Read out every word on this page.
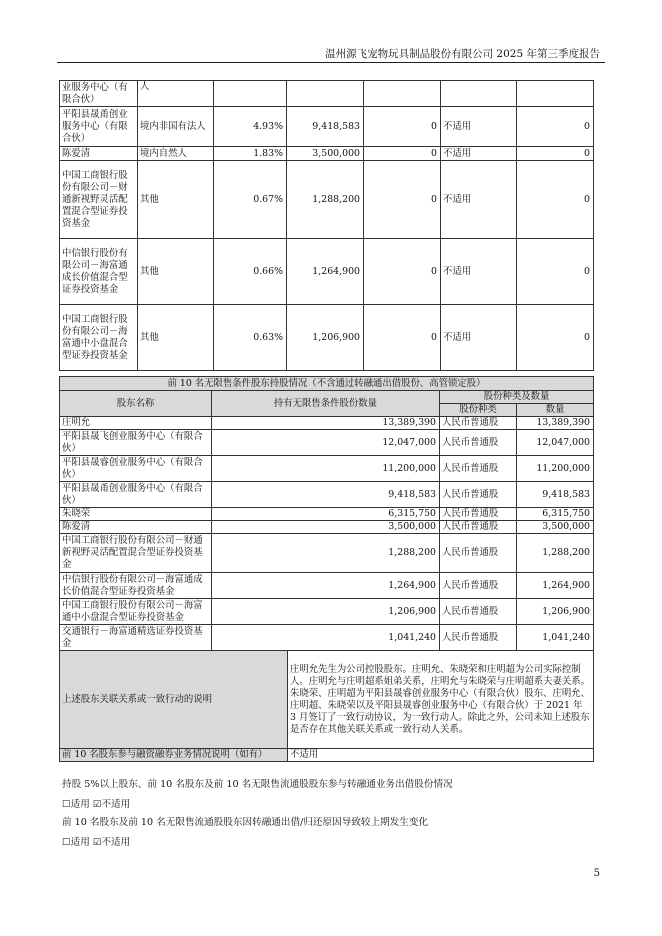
温州源飞宠物玩具制品股份有限公司 2025 年第三季度报告
业服务中心（有限合伙）	人					
平阳县晟甬创业服务中心（有限合伙）	境内非国有法人	4.93%	9,418,583	0	不适用	0
陈爱清	境内自然人	1.83%	3,500,000	0	不适用	0
中国工商银行股份有限公司－财通新视野灵活配置混合型证券投资基金	其他	0.67%	1,288,200	0	不适用	0
中信银行股份有限公司－海富通成长价值混合型证券投资基金	其他	0.66%	1,264,900	0	不适用	0
中国工商银行股份有限公司－海富通中小盘混合型证券投资基金	其他	0.63%	1,206,900	0	不适用	0
前 10 名无限售条件股东持股情况（不含通过转融通出借股份、高管锁定股）				
股东名称	持有无限售条件股份数量		股份种类及数量	
			股份种类	数量
庄明允	13,389,390		人民币普通股	13,389,390
平阳县晟飞创业服务中心（有限合伙）	12,047,000		人民币普通股	12,047,000
平阳县晟睿创业服务中心（有限合伙）	11,200,000		人民币普通股	11,200,000
平阳县晟甬创业服务中心（有限合伙）	9,418,583		人民币普通股	9,418,583
朱晓荣	6,315,750		人民币普通股	6,315,750
陈爱清	3,500,000		人民币普通股	3,500,000
中国工商银行股份有限公司－财通新视野灵活配置混合型证券投资基金	1,288,200		人民币普通股	1,288,200
中信银行股份有限公司－海富通成长价值混合型证券投资基金	1,264,900		人民币普通股	1,264,900
中国工商银行股份有限公司－海富通中小盘混合型证券投资基金	1,206,900		人民币普通股	1,206,900
交通银行－海富通精选证券投资基金	1,041,240		人民币普通股	1,041,240
上述股东关联关系或一致行动的说明		庄明允先生为公司控股股东。庄明允、朱晓荣和庄明超为公司实际控制人。庄明允与庄明超系姐弟关系，庄明允与朱晓荣与庄明超系夫妻关系。朱晓荣、庄明超为平阳县晟睿创业服务中心（有限合伙）股东、庄明允、庄明超、朱晓荣以及平阳县晟睿创业服务中心（有限合伙）于 2021 年 3 月签订了一致行动协议，为一致行动人。除此之外，公司未知上述股东是否存在其他关联关系或一致行动人关系。		
前 10 名股东参与融资融券业务情况说明（如有）		不适用		
持股 5%以上股东、前 10 名股东及前 10 名无限售流通股股东参与转融通业务出借股份情况
☐适用 ☑不适用
前 10 名股东及前 10 名无限售流通股股东因转融通出借/归还原因导致较上期发生变化
☐适用 ☑不适用
5
